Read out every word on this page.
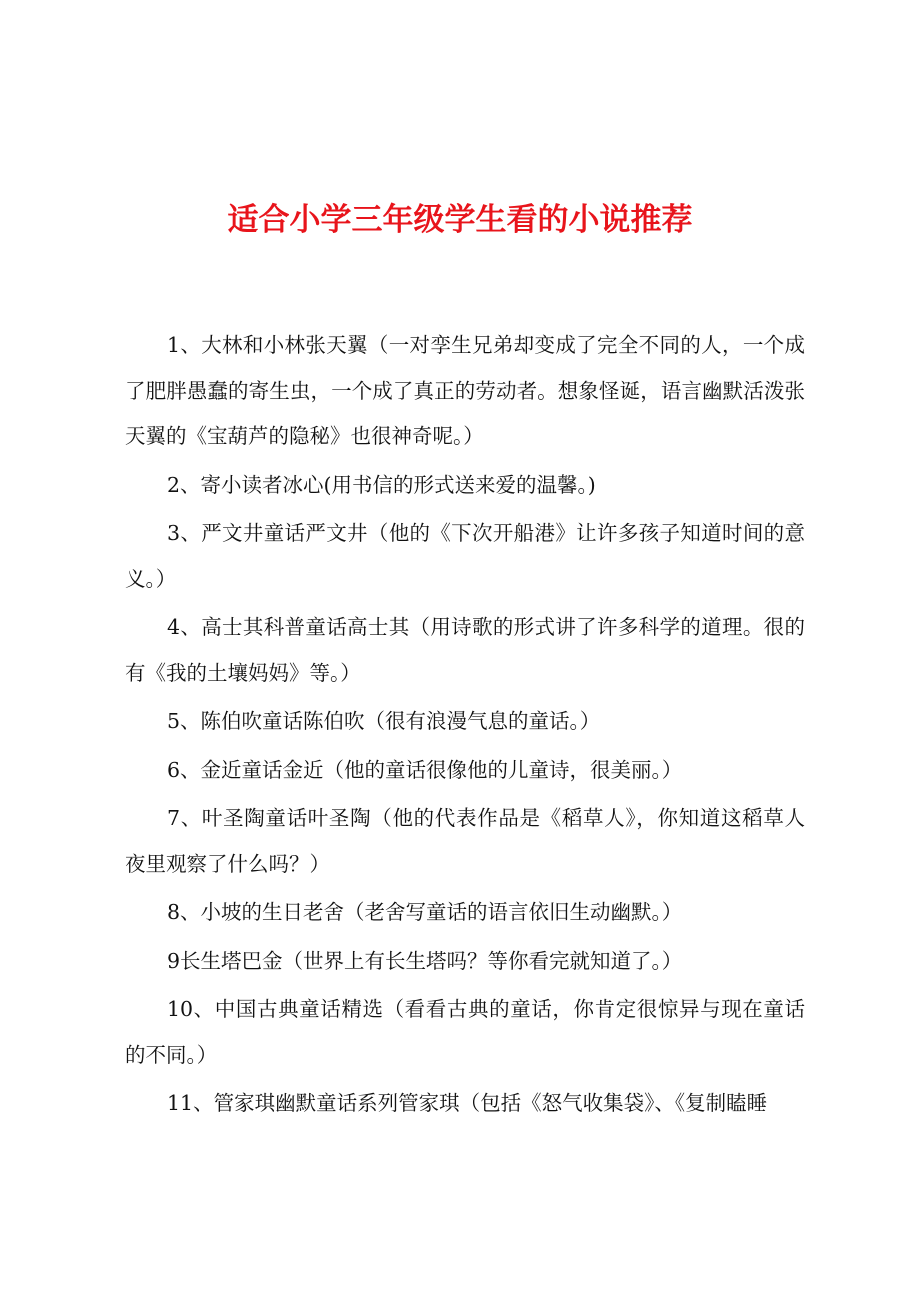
适合小学三年级学生看的小说推荐

1、大林和小林张天翼（一对孪生兄弟却变成了完全不同的人，一个成了肥胖愚蠢的寄生虫，一个成了真正的劳动者。想象怪诞，语言幽默活泼张天翼的《宝葫芦的隐秘》也很神奇呢。）

2、寄小读者冰心(用书信的形式送来爱的温馨。)

3、严文井童话严文井（他的《下次开船港》让许多孩子知道时间的意义。）

4、高士其科普童话高士其（用诗歌的形式讲了许多科学的道理。很的有《我的土壤妈妈》等。）

5、陈伯吹童话陈伯吹（很有浪漫气息的童话。）

6、金近童话金近（他的童话很像他的儿童诗，很美丽。）

7、叶圣陶童话叶圣陶（他的代表作品是《稻草人》，你知道这稻草人夜里观察了什么吗？）

8、小坡的生日老舍（老舍写童话的语言依旧生动幽默。）

9长生塔巴金（世界上有长生塔吗？等你看完就知道了。）

10、中国古典童话精选（看看古典的童话，你肯定很惊异与现在童话的不同。）

11、管家琪幽默童话系列管家琪（包括《怒气收集袋》、《复制瞌睡
